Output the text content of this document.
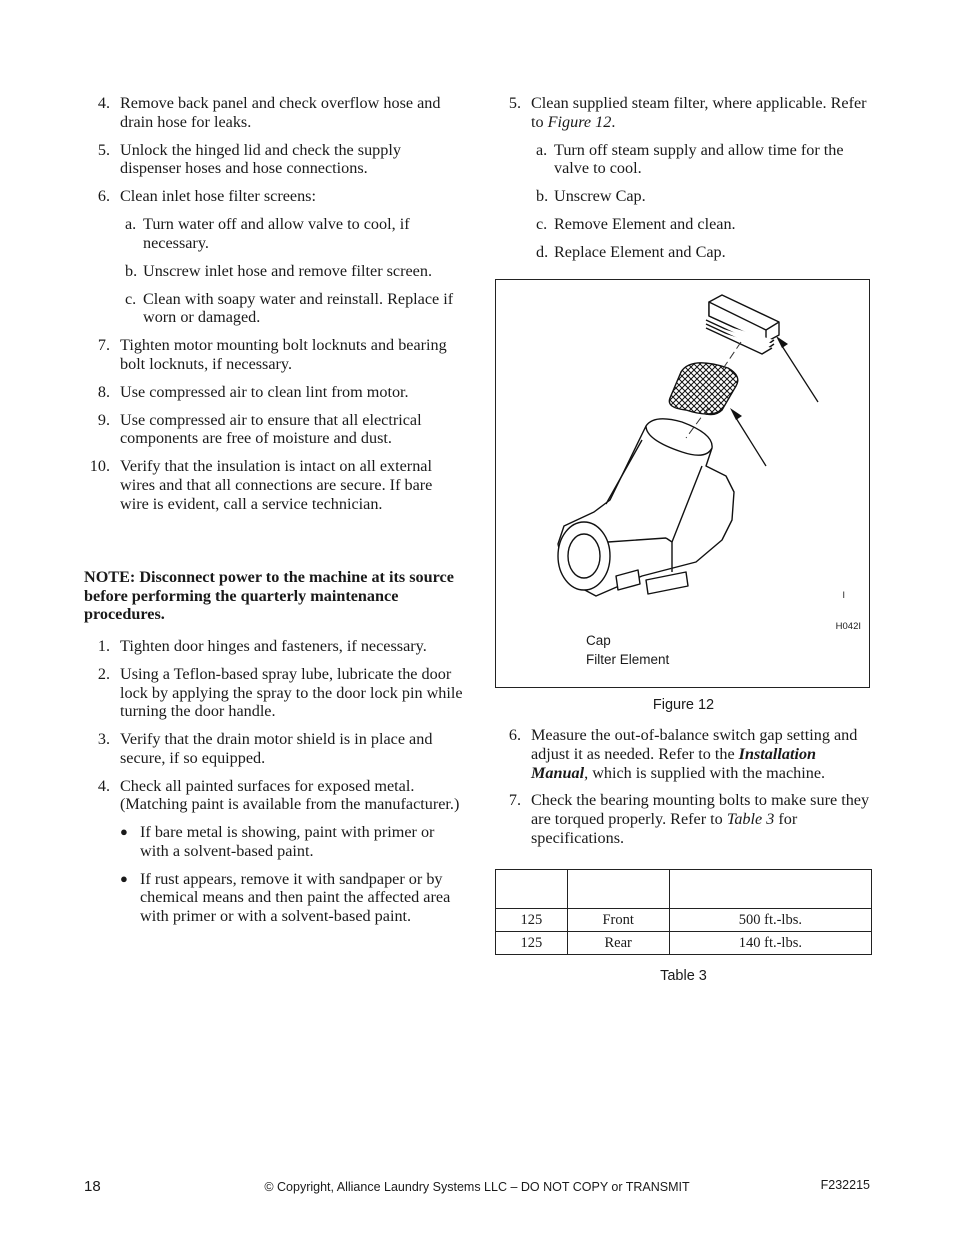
4. Remove back panel and check overflow hose and drain hose for leaks.
5. Unlock the hinged lid and check the supply dispenser hoses and hose connections.
6. Clean inlet hose filter screens:
a. Turn water off and allow valve to cool, if necessary.
b. Unscrew inlet hose and remove filter screen.
c. Clean with soapy water and reinstall. Replace if worn or damaged.
7. Tighten motor mounting bolt locknuts and bearing bolt locknuts, if necessary.
8. Use compressed air to clean lint from motor.
9. Use compressed air to ensure that all electrical components are free of moisture and dust.
10. Verify that the insulation is intact on all external wires and that all connections are secure. If bare wire is evident, call a service technician.
NOTE: Disconnect power to the machine at its source before performing the quarterly maintenance procedures.
1. Tighten door hinges and fasteners, if necessary.
2. Using a Teflon-based spray lube, lubricate the door lock by applying the spray to the door lock pin while turning the door handle.
3. Verify that the drain motor shield is in place and secure, if so equipped.
4. Check all painted surfaces for exposed metal. (Matching paint is available from the manufacturer.)
● If bare metal is showing, paint with primer or with a solvent-based paint.
● If rust appears, remove it with sandpaper or by chemical means and then paint the affected area with primer or with a solvent-based paint.
5. Clean supplied steam filter, where applicable. Refer to Figure 12.
a. Turn off steam supply and allow time for the valve to cool.
b. Unscrew Cap.
c. Remove Element and clean.
d. Replace Element and Cap.
I
H042I
Cap
Filter Element
Figure 12
6. Measure the out-of-balance switch gap setting and adjust it as needed. Refer to the Installation Manual, which is supplied with the machine.
7. Check the bearing mounting bolts to make sure they are torqued properly. Refer to Table 3 for specifications.

125	Front	500 ft.-lbs.
125	Rear	140 ft.-lbs.
Table 3
18	© Copyright, Alliance Laundry Systems LLC – DO NOT COPY or TRANSMIT	F232215
